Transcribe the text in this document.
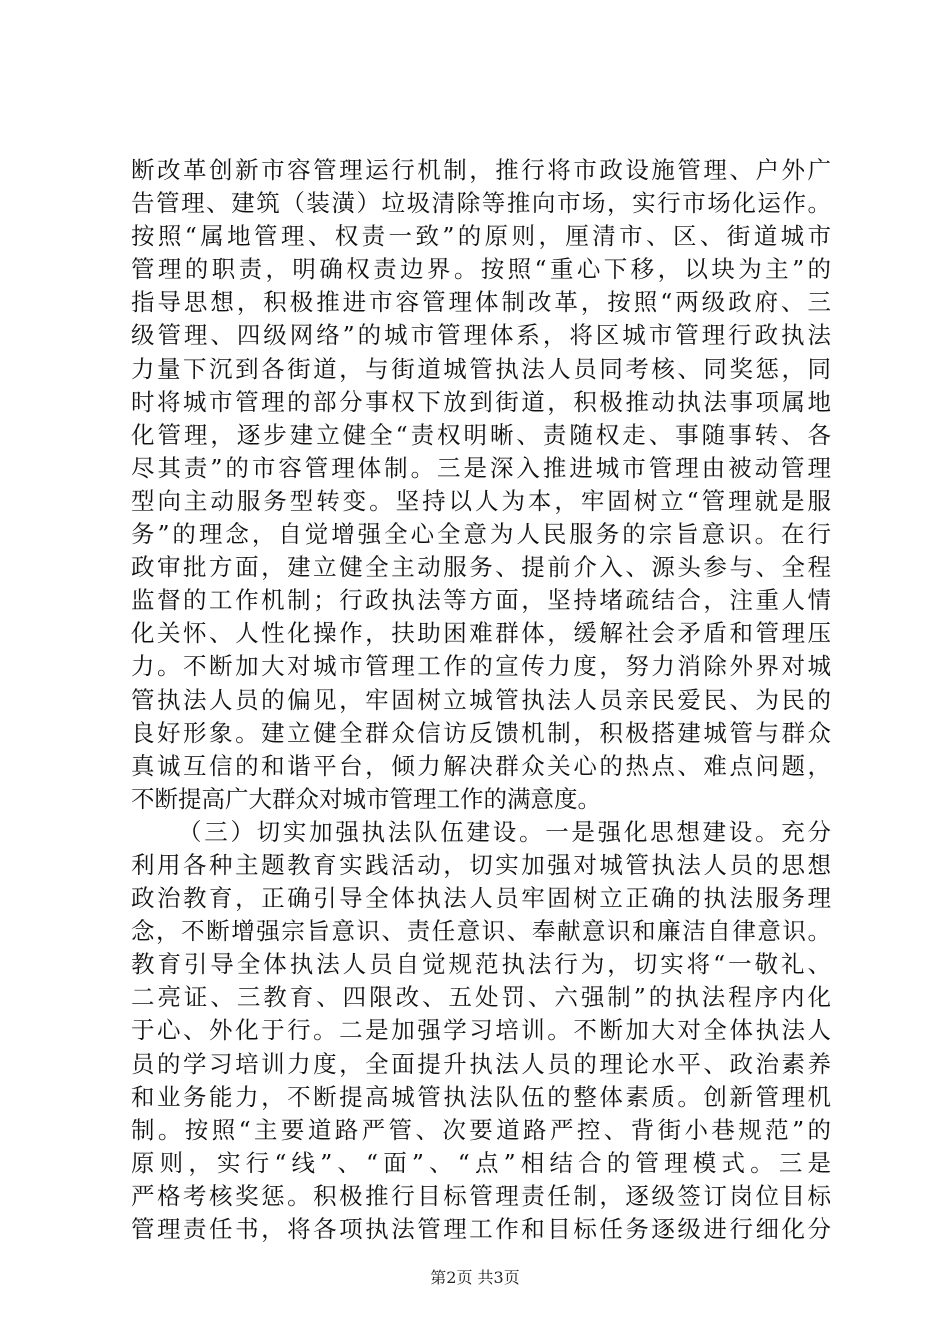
断改革创新市容管理运行机制，推行将市政设施管理、户外广
告管理、建筑（装潢）垃圾清除等推向市场，实行市场化运作。
按照“属地管理、权责一致”的原则，厘清市、区、街道城市
管理的职责，明确权责边界。按照“重心下移，以块为主”的
指导思想，积极推进市容管理体制改革，按照“两级政府、三
级管理、四级网络”的城市管理体系，将区城市管理行政执法
力量下沉到各街道，与街道城管执法人员同考核、同奖惩，同
时将城市管理的部分事权下放到街道，积极推动执法事项属地
化管理，逐步建立健全“责权明晰、责随权走、事随事转、各
尽其责”的市容管理体制。三是深入推进城市管理由被动管理
型向主动服务型转变。坚持以人为本，牢固树立“管理就是服
务”的理念，自觉增强全心全意为人民服务的宗旨意识。在行
政审批方面，建立健全主动服务、提前介入、源头参与、全程
监督的工作机制；行政执法等方面，坚持堵疏结合，注重人情
化关怀、人性化操作，扶助困难群体，缓解社会矛盾和管理压
力。不断加大对城市管理工作的宣传力度，努力消除外界对城
管执法人员的偏见，牢固树立城管执法人员亲民爱民、为民的
良好形象。建立健全群众信访反馈机制，积极搭建城管与群众
真诚互信的和谐平台，倾力解决群众关心的热点、难点问题，
不断提高广大群众对城市管理工作的满意度。
（三）切实加强执法队伍建设。一是强化思想建设。充分
利用各种主题教育实践活动，切实加强对城管执法人员的思想
政治教育，正确引导全体执法人员牢固树立正确的执法服务理
念，不断增强宗旨意识、责任意识、奉献意识和廉洁自律意识。
教育引导全体执法人员自觉规范执法行为，切实将“一敬礼、
二亮证、三教育、四限改、五处罚、六强制”的执法程序内化
于心、外化于行。二是加强学习培训。不断加大对全体执法人
员的学习培训力度，全面提升执法人员的理论水平、政治素养
和业务能力，不断提高城管执法队伍的整体素质。创新管理机
制。按照“主要道路严管、次要道路严控、背街小巷规范”的
原则，实行“线”、“面”、“点”相结合的管理模式。三是
严格考核奖惩。积极推行目标管理责任制，逐级签订岗位目标
管理责任书，将各项执法管理工作和目标任务逐级进行细化分
第2页 共3页
